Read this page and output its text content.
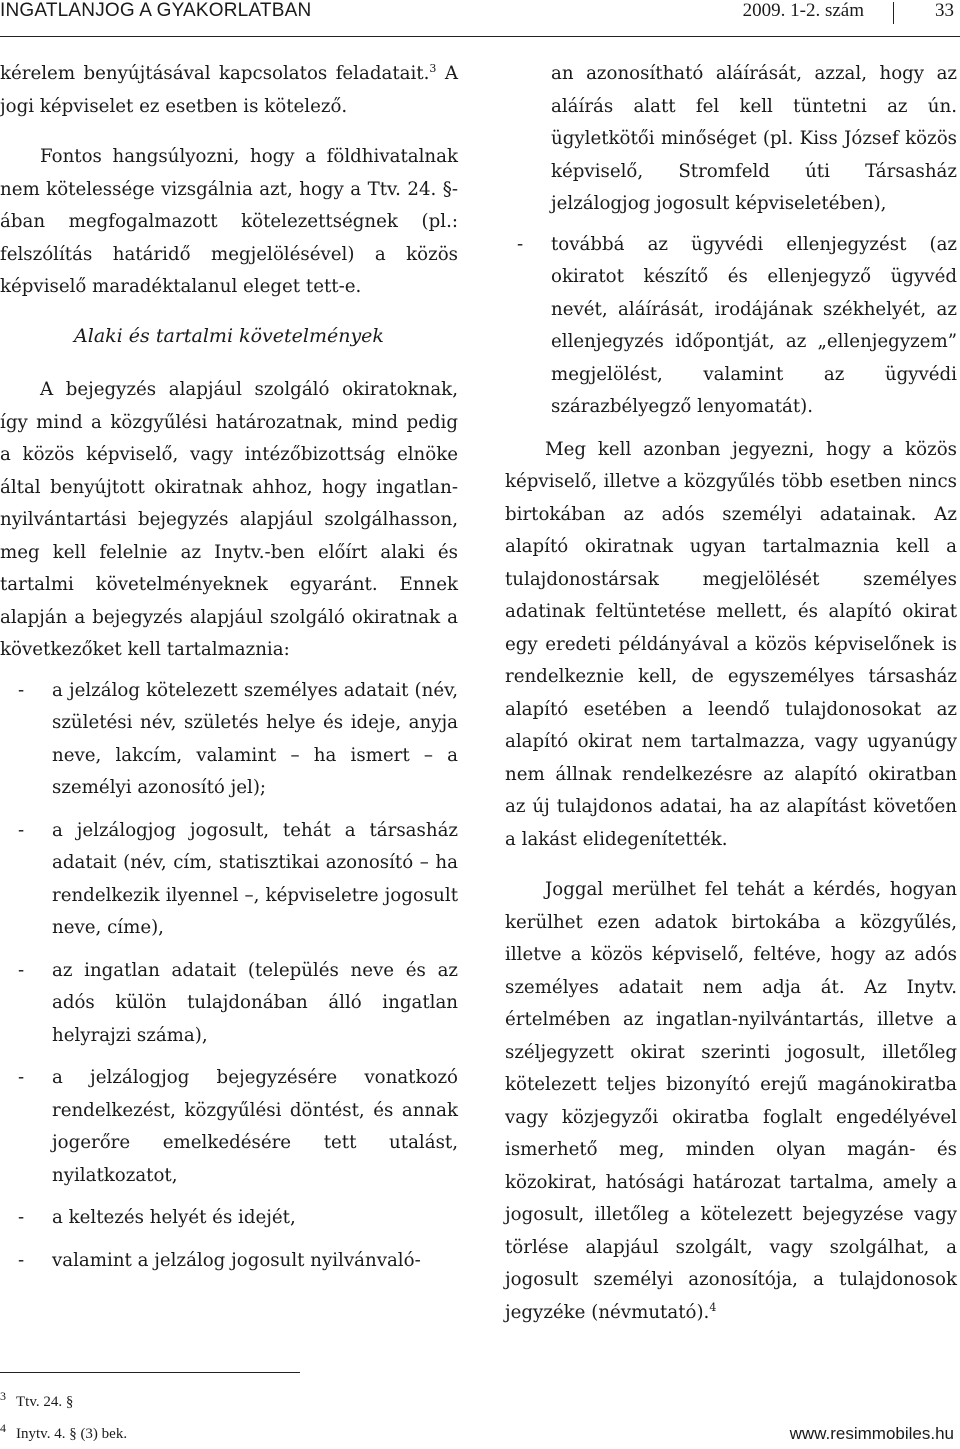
INGATLANJOG A GYAKORLATBAN	2009. 1-2. szám	33

kérelem benyújtásával kapcsolatos feladatait.$^3$ A jogi képviselet ez esetben is kötelező.

Fontos hangsúlyozni, hogy a földhivatalnak nem kötelessége vizsgálnia azt, hogy a Ttv. 24. §-ában megfogalmazott kötelezettségnek (pl.: felszólítás határidő megjelölésével) a közös képviselő maradéktalanul eleget tett-e.

Alaki és tartalmi követelmények

A bejegyzés alapjául szolgáló okiratoknak, így mind a közgyűlési határozatnak, mind pedig a közös képviselő, vagy intézőbizottság elnöke által benyújtott okiratnak ahhoz, hogy ingatlan-nyilvántartási bejegyzés alapjául szolgálhasson, meg kell felelnie az Inytv.-ben előírt alaki és tartalmi követelményeknek egyaránt. Ennek alapján a bejegyzés alapjául szolgáló okiratnak a következőket kell tartalmaznia:

- a jelzálog kötelezett személyes adatait (név, születési név, születés helye és ideje, anyja neve, lakcím, valamint – ha ismert – a személyi azonosító jel);
- a jelzálogjog jogosult, tehát a társasház adatait (név, cím, statisztikai azonosító – ha rendelkezik ilyennel –, képviseletre jogosult neve, címe),
- az ingatlan adatait (település neve és az adós külön tulajdonában álló ingatlan helyrajzi száma),
- a jelzálogjog bejegyzésére vonatkozó rendelkezést, közgyűlési döntést, és annak jogerőre emelkedésére tett utalást, nyilatkozatot,
- a keltezés helyét és idejét,
- valamint a jelzálog jogosult nyilvánvaló-

an azonosítható aláírását, azzal, hogy az aláírás alatt fel kell tüntetni az ún. ügyletkötői minőséget (pl. Kiss József közös képviselő, Stromfeld úti Társasház jelzálogjog jogosult képviseletében),

- továbbá az ügyvédi ellenjegyzést (az okiratot készítő és ellenjegyző ügyvéd nevét, aláírását, irodájának székhelyét, az ellenjegyzés időpontját, az „ellenjegyzem” megjelölést, valamint az ügyvédi szárazbélyegző lenyomatát).

Meg kell azonban jegyezni, hogy a közös képviselő, illetve a közgyűlés több esetben nincs birtokában az adós személyi adatainak. Az alapító okiratnak ugyan tartalmaznia kell a tulajdonostársak megjelölését személyes adatinak feltüntetése mellett, és alapító okirat egy eredeti példányával a közös képviselőnek is rendelkeznie kell, de egyszemélyes társasház alapító esetében a leendő tulajdonosokat az alapító okirat nem tartalmazza, vagy ugyanúgy nem állnak rendelkezésre az alapító okiratban az új tulajdonos adatai, ha az alapítást követően a lakást elidegenítették.

Joggal merülhet fel tehát a kérdés, hogyan kerülhet ezen adatok birtokába a közgyűlés, illetve a közös képviselő, feltéve, hogy az adós személyes adatait nem adja át. Az Inytv. értelmében az ingatlan-nyilvántartás, illetve a széljegyzett okirat szerinti jogosult, illetőleg kötelezett teljes bizonyító erejű magánokiratba vagy közjegyzői okiratba foglalt engedélyével ismerhető meg, minden olyan magán- és közokirat, hatósági határozat tartalma, amely a jogosult, illetőleg a kötelezett bejegyzése vagy törlése alapjául szolgált, vagy szolgálhat, a jogosult személyi azonosítója, a tulajdonosok jegyzéke (névmutató).$^4$

$^3$ Ttv. 24. §
$^4$ Inytv. 4. § (3) bek.	www.resimmobiles.hu
